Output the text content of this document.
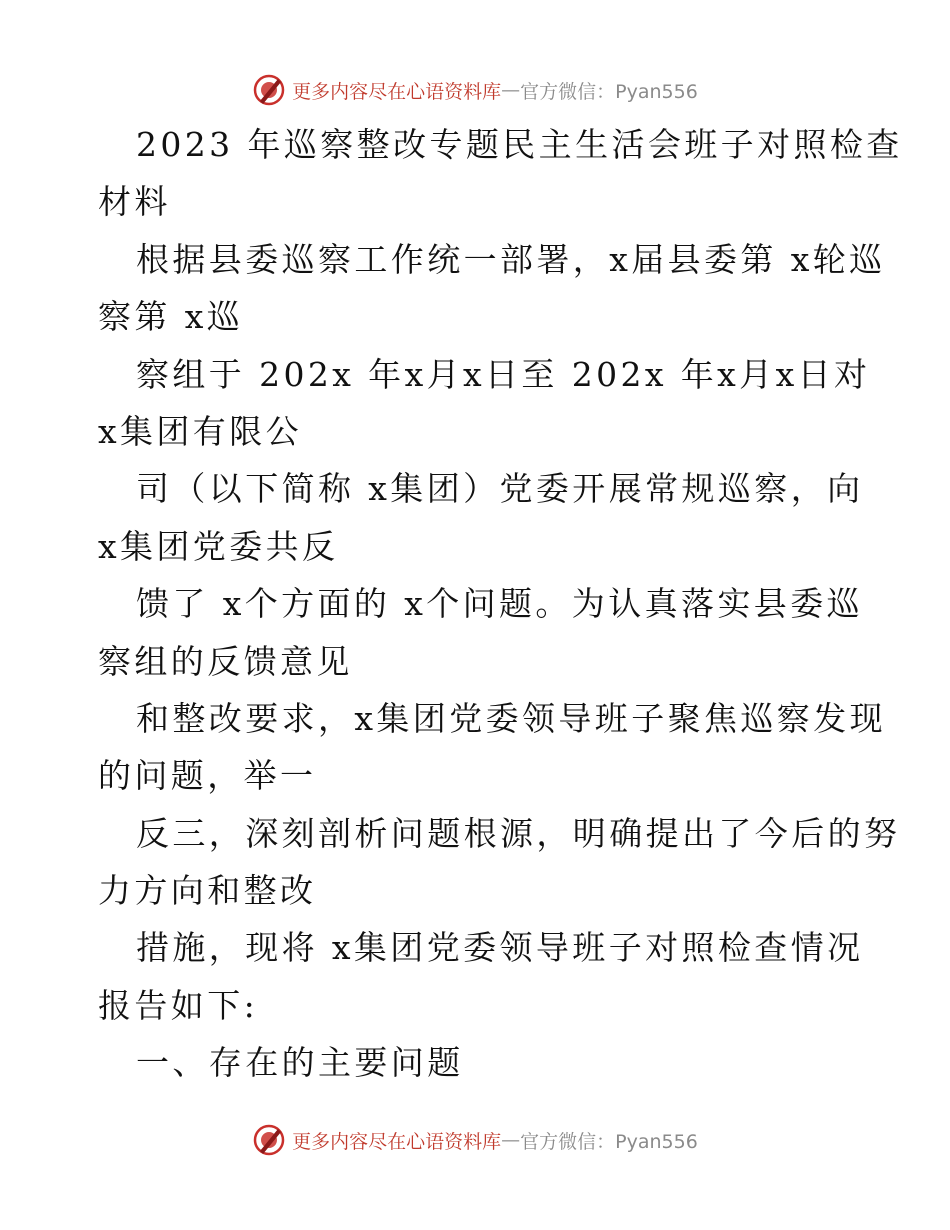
更多内容尽在心语资料库 — 官方微信：Pyan556
2023 年巡察整改专题民主生活会班子对照检查
材料
根据县委巡察工作统一部署，x届县委第 x轮巡
察第 x巡
察组于 202x 年x月x日至 202x 年x月x日对
x集团有限公
司（以下简称 x集团）党委开展常规巡察，向
x集团党委共反
馈了 x个方面的 x个问题。为认真落实县委巡
察组的反馈意见
和整改要求，x集团党委领导班子聚焦巡察发现
的问题，举一
反三，深刻剖析问题根源，明确提出了今后的努
力方向和整改
措施，现将 x集团党委领导班子对照检查情况
报告如下:
一、存在的主要问题
更多内容尽在心语资料库 — 官方微信：Pyan556
